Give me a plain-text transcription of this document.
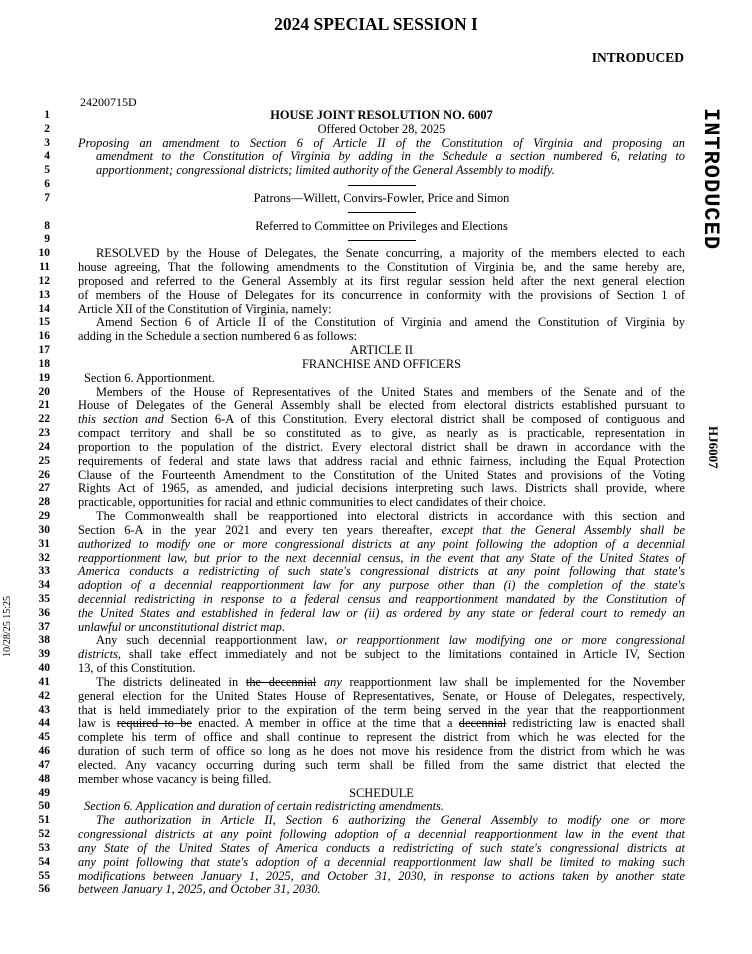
2024 SPECIAL SESSION I
INTRODUCED
24200715D
INTRODUCED
HJ6007
10/28/25 15:25
1	HOUSE JOINT RESOLUTION NO. 6007
2	Offered October 28, 2025
3 Proposing an amendment to Section 6 of Article II of the Constitution of Virginia and proposing an
4	amendment to the Constitution of Virginia by adding in the Schedule a section numbered 6, relating to
5	apportionment; congressional districts; limited authority of the General Assembly to modify.
6
7	Patrons—Willett, Convirs-Fowler, Price and Simon
8	Referred to Committee on Privileges and Elections
9
10	RESOLVED by the House of Delegates, the Senate concurring, a majority of the members elected to each
11 house agreeing, That the following amendments to the Constitution of Virginia be, and the same hereby are,
12 proposed and referred to the General Assembly at its first regular session held after the next general election
13 of members of the House of Delegates for its concurrence in conformity with the provisions of Section 1 of
14 Article XII of the Constitution of Virginia, namely:
15	Amend Section 6 of Article II of the Constitution of Virginia and amend the Constitution of Virginia by
16 adding in the Schedule a section numbered 6 as follows:
17	ARTICLE II
18	FRANCHISE AND OFFICERS
19	Section 6. Apportionment.
20	Members of the House of Representatives of the United States and members of the Senate and of the
21 House of Delegates of the General Assembly shall be elected from electoral districts established pursuant to
22 this section and Section 6-A of this Constitution. Every electoral district shall be composed of contiguous and
23 compact territory and shall be so constituted as to give, as nearly as is practicable, representation in
24 proportion to the population of the district. Every electoral district shall be drawn in accordance with the
25 requirements of federal and state laws that address racial and ethnic fairness, including the Equal Protection
26 Clause of the Fourteenth Amendment to the Constitution of the United States and provisions of the Voting
27 Rights Act of 1965, as amended, and judicial decisions interpreting such laws. Districts shall provide, where
28 practicable, opportunities for racial and ethnic communities to elect candidates of their choice.
29	The Commonwealth shall be reapportioned into electoral districts in accordance with this section and
30 Section 6-A in the year 2021 and every ten years thereafter, except that the General Assembly shall be
31 authorized to modify one or more congressional districts at any point following the adoption of a decennial
32 reapportionment law, but prior to the next decennial census, in the event that any State of the United States of
33 America conducts a redistricting of such state's congressional districts at any point following that state's
34 adoption of a decennial reapportionment law for any purpose other than (i) the completion of the state's
35 decennial redistricting in response to a federal census and reapportionment mandated by the Constitution of
36 the United States and established in federal law or (ii) as ordered by any state or federal court to remedy an
37 unlawful or unconstitutional district map.
38	Any such decennial reapportionment law, or reapportionment law modifying one or more congressional
39 districts, shall take effect immediately and not be subject to the limitations contained in Article IV, Section
40 13, of this Constitution.
41	The districts delineated in the decennial any reapportionment law shall be implemented for the November
42 general election for the United States House of Representatives, Senate, or House of Delegates, respectively,
43 that is held immediately prior to the expiration of the term being served in the year that the reapportionment
44 law is required to be enacted. A member in office at the time that a decennial redistricting law is enacted shall
45 complete his term of office and shall continue to represent the district from which he was elected for the
46 duration of such term of office so long as he does not move his residence from the district from which he was
47 elected. Any vacancy occurring during such term shall be filled from the same district that elected the
48 member whose vacancy is being filled.
49	SCHEDULE
50	Section 6. Application and duration of certain redistricting amendments.
51	The authorization in Article II, Section 6 authorizing the General Assembly to modify one or more
52 congressional districts at any point following adoption of a decennial reapportionment law in the event that
53 any State of the United States of America conducts a redistricting of such state's congressional districts at
54 any point following that state's adoption of a decennial reapportionment law shall be limited to making such
55 modifications between January 1, 2025, and October 31, 2030, in response to actions taken by another state
56 between January 1, 2025, and October 31, 2030.
